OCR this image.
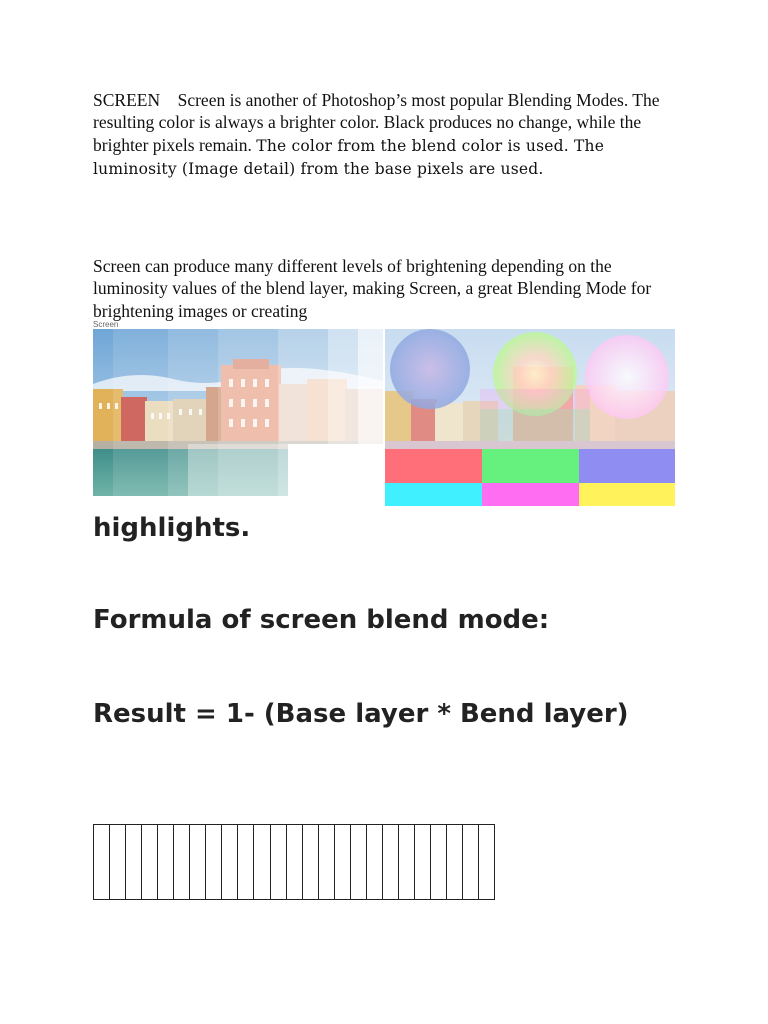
SCREEN Screen is another of Photoshop’s most popular Blending Modes. The resulting color is always a brighter color. Black produces no change, while the brighter pixels remain. The color from the blend color is used. The luminosity (Image detail) from the base pixels are used.
Screen can produce many different levels of brightening depending on the luminosity values of the blend layer, making Screen, a great Blending Mode for brightening images or creating
Screen
highlights.
Formula of screen blend mode:
Result = 1- (Base layer * Bend layer)
